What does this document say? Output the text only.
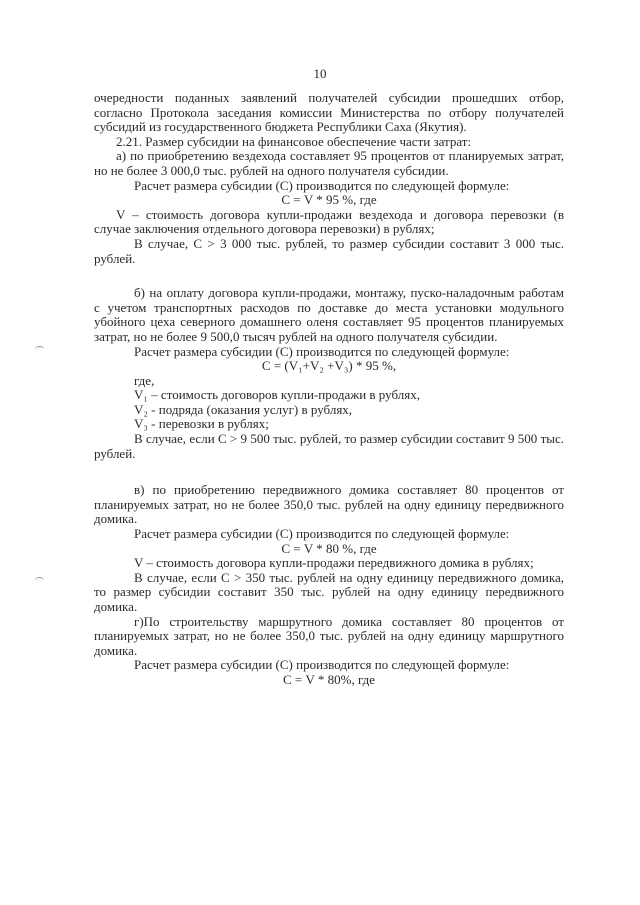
10

очередности поданных заявлений получателей субсидии прошедших отбор, согласно Протокола заседания комиссии Министерства по отбору получателей субсидий из государственного бюджета Республики Саха (Якутия).

2.21. Размер субсидии на финансовое обеспечение части затрат:

а) по приобретению вездехода составляет 95 процентов от планируемых затрат, но не более 3 000,0 тыс. рублей на одного получателя субсидии.

Расчет размера субсидии (С) производится по следующей формуле:

С = V * 95 %, где

V – стоимость договора купли-продажи вездехода и договора перевозки (в случае заключения отдельного договора перевозки) в рублях;

В случае, С > 3 000 тыс. рублей, то размер субсидии составит 3 000 тыс. рублей.

б) на оплату договора купли-продажи, монтажу, пуско-наладочным работам с учетом транспортных расходов по доставке до места установки модульного убойного цеха северного домашнего оленя составляет 95 процентов планируемых затрат, но не более 9 500,0 тысяч рублей на одного получателя субсидии.

Расчет размера субсидии (С) производится по следующей формуле:

С = (V₁+V₂ +V₃) * 95 %,

где,

V₁ – стоимость договоров купли-продажи в рублях,

V₂ - подряда (оказания услуг) в рублях,

V₃ - перевозки в рублях;

В случае, если С > 9 500 тыс. рублей, то размер субсидии составит 9 500 тыс. рублей.

в) по приобретению передвижного домика составляет 80 процентов от планируемых затрат, но не более 350,0 тыс. рублей на одну единицу передвижного домика.

Расчет размера субсидии (С) производится по следующей формуле:

С = V * 80 %, где

V – стоимость договора купли-продажи передвижного домика в рублях;

В случае, если С > 350 тыс. рублей на одну единицу передвижного домика, то размер субсидии составит 350 тыс. рублей на одну единицу передвижного домика.

г)По строительству маршрутного домика составляет 80 процентов от планируемых затрат, но не более 350,0 тыс. рублей на одну единицу маршрутного домика.

Расчет размера субсидии (С) производится по следующей формуле:

С = V * 80%, где
